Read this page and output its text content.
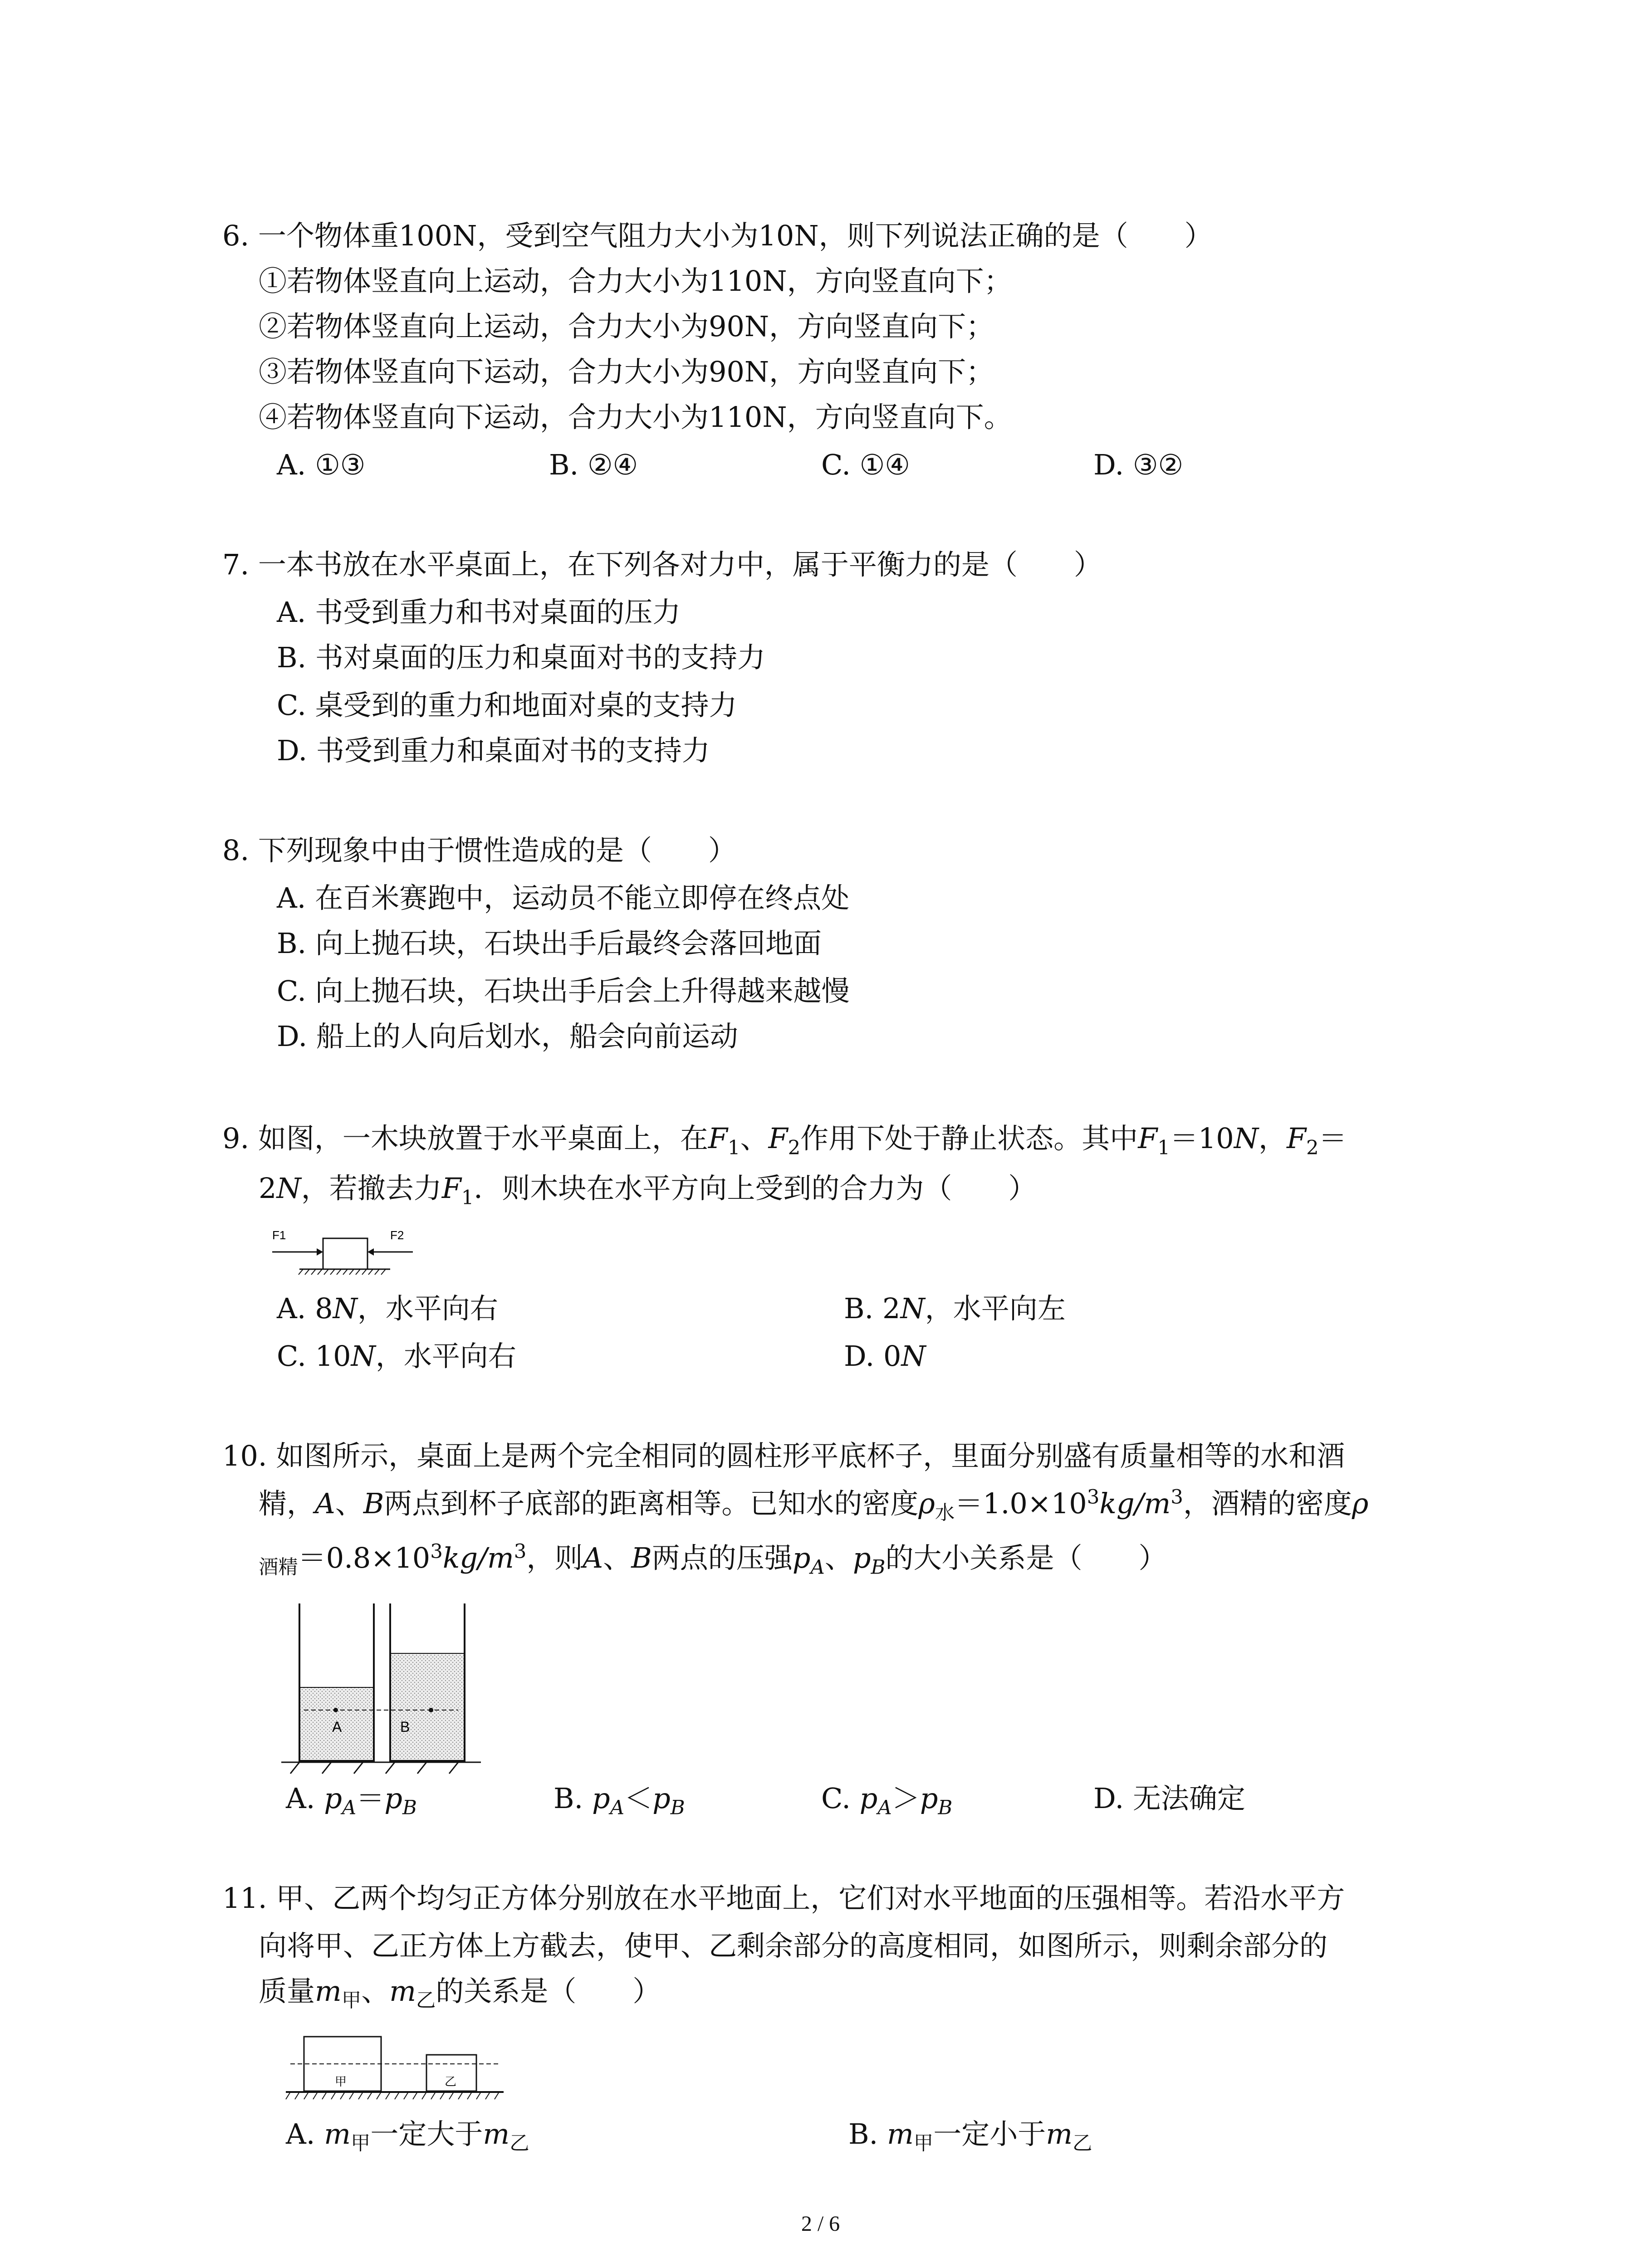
6. 一个物体重100N，受到空气阻力大小为10N，则下列说法正确的是（　　）
①若物体竖直向上运动，合力大小为110N，方向竖直向下；
②若物体竖直向上运动，合力大小为90N，方向竖直向下；
③若物体竖直向下运动，合力大小为90N，方向竖直向下；
④若物体竖直向下运动，合力大小为110N，方向竖直向下。
A. ①③	B. ②④	C. ①④	D. ③②
7. 一本书放在水平桌面上，在下列各对力中，属于平衡力的是（　　）
A. 书受到重力和书对桌面的压力
B. 书对桌面的压力和桌面对书的支持力
C. 桌受到的重力和地面对桌的支持力
D. 书受到重力和桌面对书的支持力
8. 下列现象中由于惯性造成的是（　　）
A. 在百米赛跑中，运动员不能立即停在终点处
B. 向上抛石块，石块出手后最终会落回地面
C. 向上抛石块，石块出手后会上升得越来越慢
D. 船上的人向后划水，船会向前运动
9. 如图，一木块放置于水平桌面上，在$F_1$、$F_2$作用下处于静止状态。其中$F_1=10N$，$F_2=$
2N，若撤去力$F_1$．则木块在水平方向上受到的合力为（　　）
F1	F2
A. 8N，水平向右	B. 2N，水平向左
C. 10N，水平向右	D. 0N
10. 如图所示，桌面上是两个完全相同的圆柱形平底杯子，里面分别盛有质量相等的水和酒
精，A、B两点到杯子底部的距离相等。已知水的密度$\rho_水=1.0\times 10^3kg/m^3$，酒精的密度ρ
$_{酒精}=0.8\times 10^3kg/m^3$，则A、B两点的压强$p_A$、$p_B$的大小关系是（　　）
A	B
A. $p_A=p_B$	B. $p_A<p_B$	C. $p_A>p_B$	D. 无法确定
11. 甲、乙两个均匀正方体分别放在水平地面上，它们对水平地面的压强相等。若沿水平方
向将甲、乙正方体上方截去，使甲、乙剩余部分的高度相同，如图所示，则剩余部分的
质量$m_甲$、$m_乙$的关系是（　　）
甲	乙
A. $m_甲$一定大于$m_乙$	B. $m_甲$一定小于$m_乙$
2 / 6
